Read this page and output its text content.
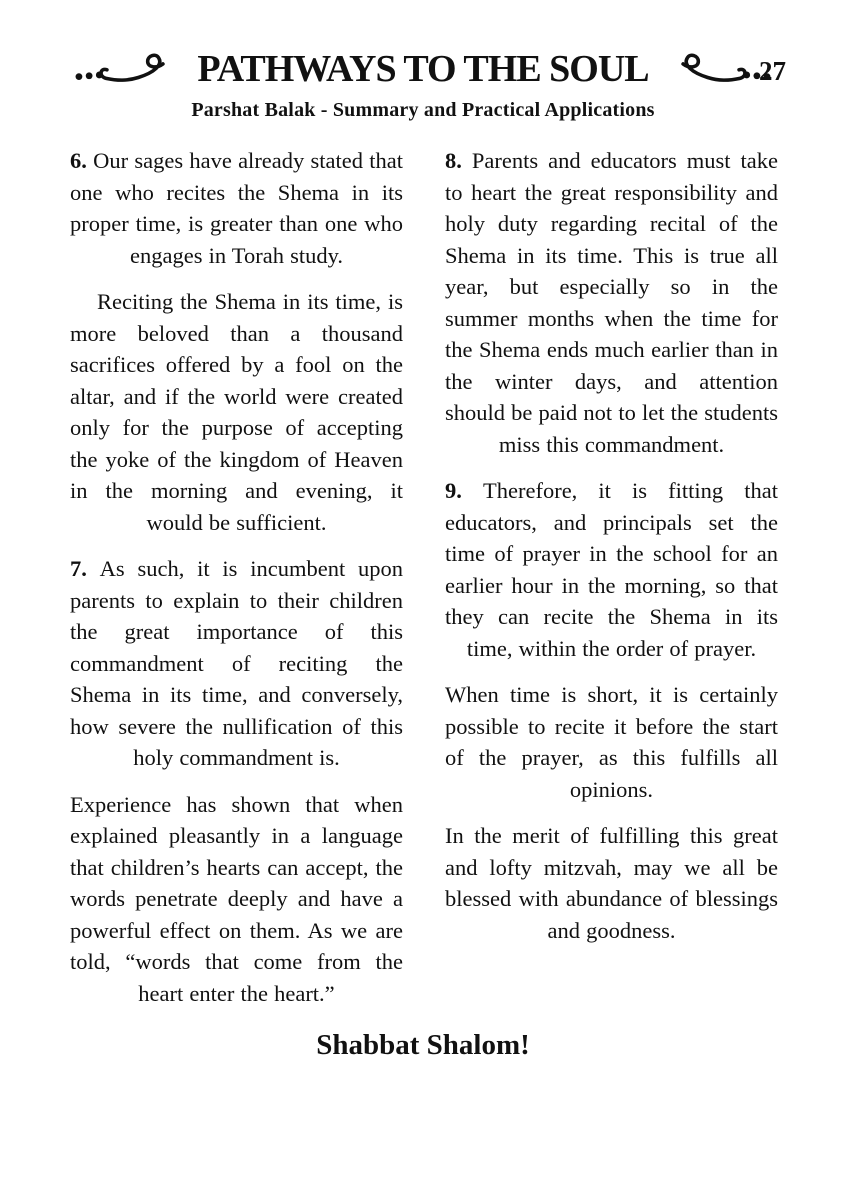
PATHWAYS TO THE SOUL	27
Parshat Balak - Summary and Practical Applications

6. Our sages have already stated that one who recites the Shema in its proper time, is greater than one who engages in Torah study.

Reciting the Shema in its time, is more beloved than a thousand sacrifices offered by a fool on the altar, and if the world were created only for the purpose of accepting the yoke of the kingdom of Heaven in the morning and evening, it would be sufficient.

7. As such, it is incumbent upon parents to explain to their children the great importance of this commandment of reciting the Shema in its time, and conversely, how severe the nullification of this holy commandment is.

Experience has shown that when explained pleasantly in a language that children’s hearts can accept, the words penetrate deeply and have a powerful effect on them. As we are told, “words that come from the heart enter the heart.”

8. Parents and educators must take to heart the great responsibility and holy duty regarding recital of the Shema in its time. This is true all year, but especially so in the summer months when the time for the Shema ends much earlier than in the winter days, and attention should be paid not to let the students miss this commandment.

9. Therefore, it is fitting that educators, and principals set the time of prayer in the school for an earlier hour in the morning, so that they can recite the Shema in its time, within the order of prayer.

When time is short, it is certainly possible to recite it before the start of the prayer, as this fulfills all opinions.

In the merit of fulfilling this great and lofty mitzvah, may we all be blessed with abundance of blessings and goodness.

Shabbat Shalom!
